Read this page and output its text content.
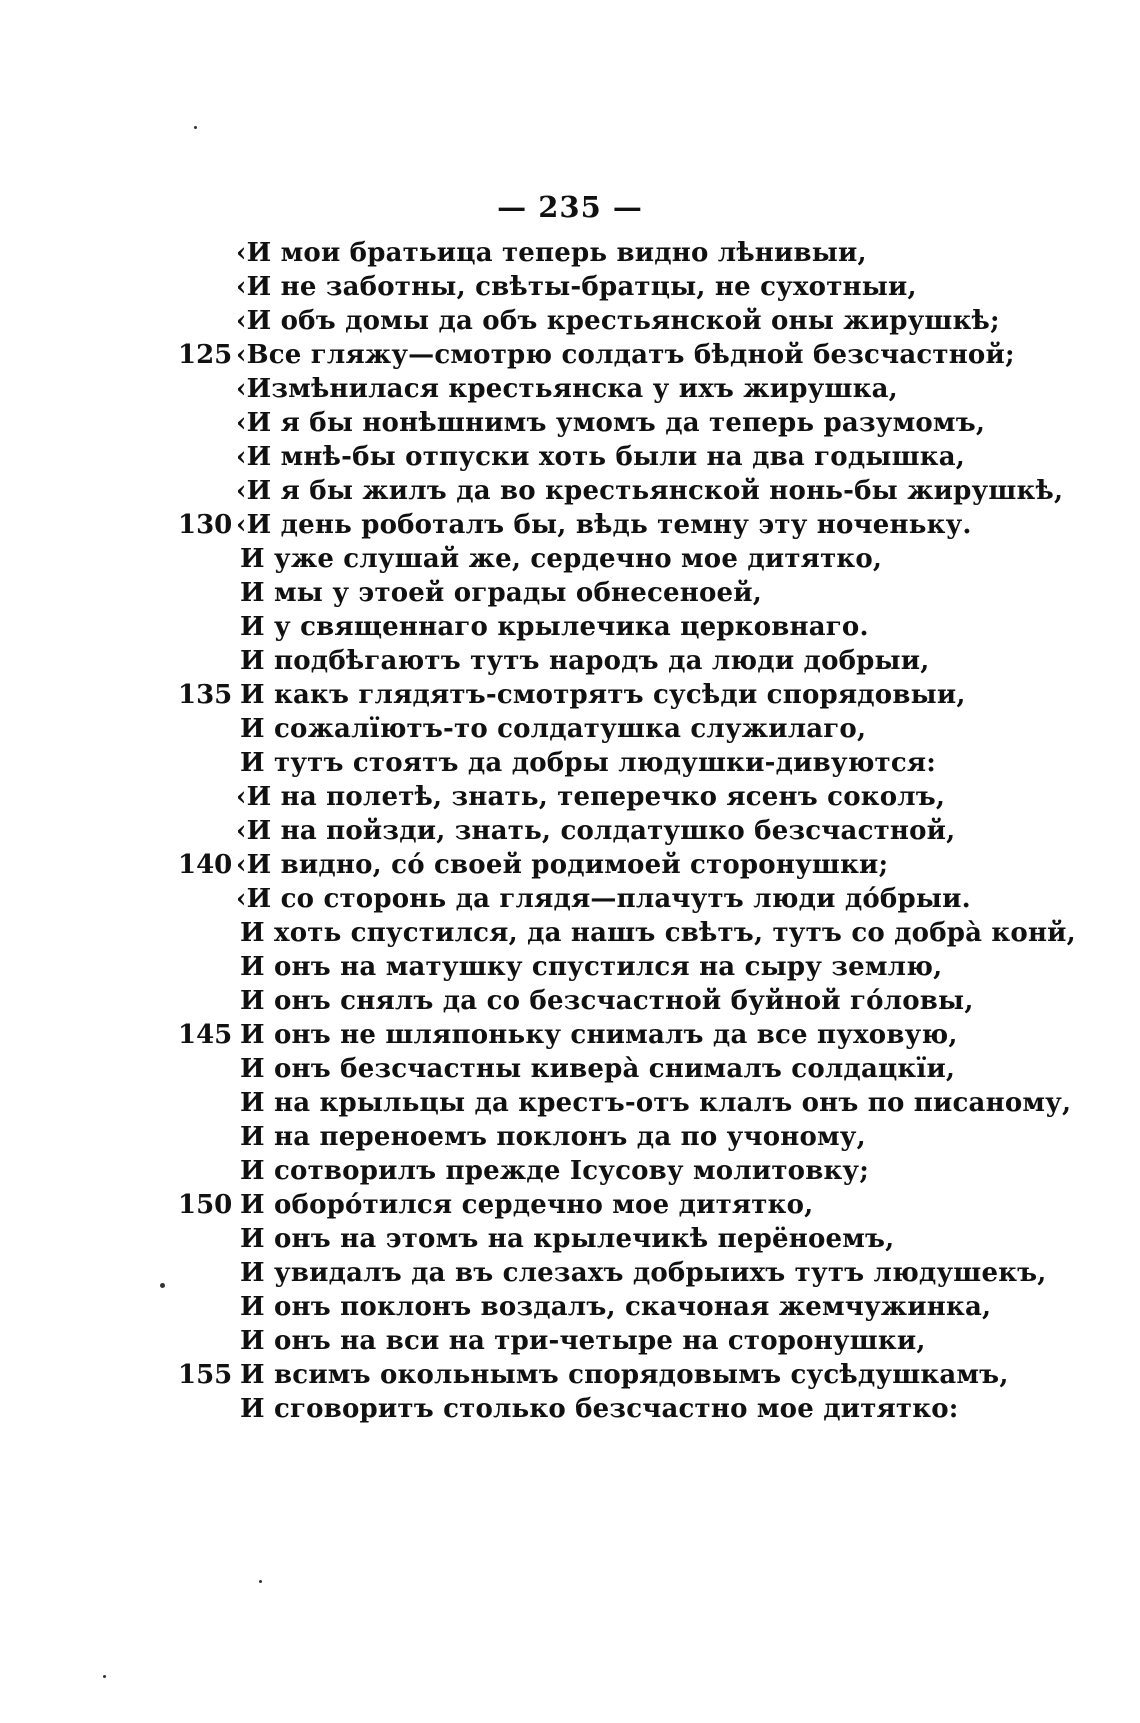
— 235 —
‹И мои братьица теперь видно лѣнивыи,
‹И не заботны, свѣты-братцы, не сухотныи,
‹И объ домы да объ крестьянской оны жирушкѣ;
125 ‹Все гляжу—смотрю солдатъ бѣдной безсчастной;
‹Измѣнилася крестьянска у ихъ жирушка,
‹И я бы нонѣшнимъ умомъ да теперь разумомъ,
‹И мнѣ-бы отпуски хоть были на два годышка,
‹И я бы жилъ да во крестьянской нонь-бы жирушкѣ,
130 ‹И день роботалъ бы, вѣдь темну эту ноченьку.
И уже слушай же, сердечно мое дитятко,
И мы у этоей ограды обнесеноей,
И у священнаго крылечика церковнаго.
И подбѣгаютъ тутъ народъ да люди добрыи,
135 И какъ глядятъ-смотрятъ сусѣди спорядовыи,
И сожалїютъ-то солдатушка служилаго,
И тутъ стоятъ да добры людушки-дивуются:
‹И на полетѣ, знать, теперечко ясенъ соколъ,
‹И на пойзди, знать, солдатушко безсчастной,
140 ‹И видно, со́ своей родимоей сторонушки;
‹И со сторонь да глядя—плачутъ люди до́брыи.
И хоть спустился, да нашъ свѣтъ, тутъ со добра̀ конй,
И онъ на матушку спустился на сыру землю,
И онъ снялъ да со безсчастной буйной го́ловы,
145 И онъ не шляпоньку снималъ да все пуховую,
И онъ безсчастны кивера̀ снималъ солдацкїи,
И на крыльцы да крестъ-отъ клалъ онъ по писаному,
И на переноемъ поклонъ да по учоному,
И сотворилъ прежде Iсусову молитовку;
150 И оборо́тился сердечно мое дитятко,
И онъ на этомъ на крылечикѣ перёноемъ,
И увидалъ да въ слезахъ добрыихъ тутъ людушекъ,
И онъ поклонъ воздалъ, скачоная жемчужинка,
И онъ на вси на три-четыре на сторонушки,
155 И всимъ окольнымъ спорядовымъ сусѣдушкамъ,
И сговоритъ столько безсчастно мое дитятко:
